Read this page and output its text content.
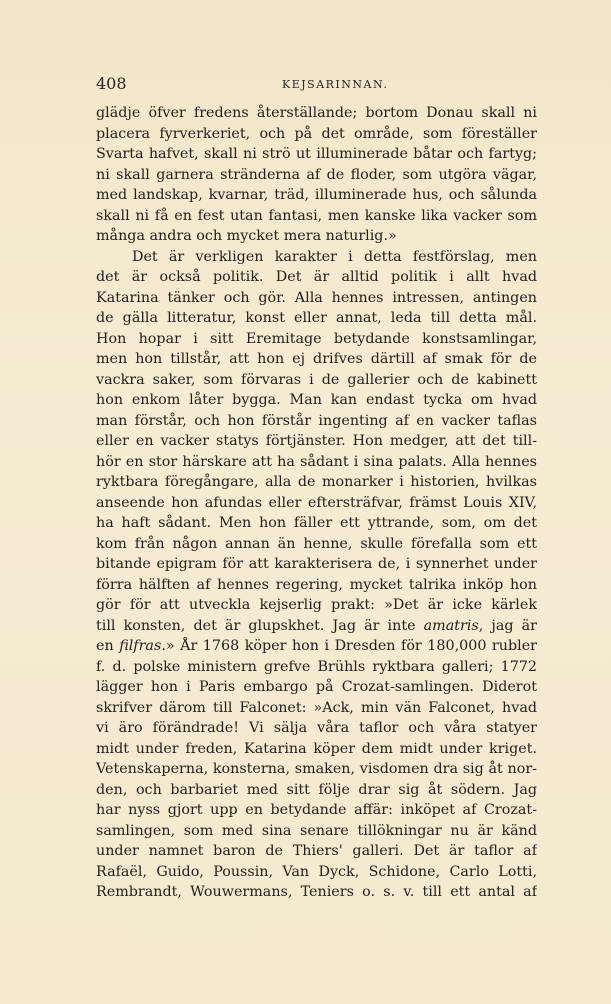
408	KEJSARINNAN.
glädje öfver fredens återställande; bortom Donau skall ni
placera fyrverkeriet, och på det område, som föreställer
Svarta hafvet, skall ni strö ut illuminerade båtar och fartyg;
ni skall garnera stränderna af de floder, som utgöra vägar,
med landskap, kvarnar, träd, illuminerade hus, och sålunda
skall ni få en fest utan fantasi, men kanske lika vacker som
många andra och mycket mera naturlig.»
Det är verkligen karakter i detta festförslag, men
det är också politik. Det är alltid politik i allt hvad
Katarina tänker och gör. Alla hennes intressen, antingen
de gälla litteratur, konst eller annat, leda till detta mål.
Hon hopar i sitt Eremitage betydande konstsamlingar,
men hon tillstår, att hon ej drifves därtill af smak för de
vackra saker, som förvaras i de gallerier och de kabinett
hon enkom låter bygga. Man kan endast tycka om hvad
man förstår, och hon förstår ingenting af en vacker taflas
eller en vacker statys förtjänster. Hon medger, att det till-
hör en stor härskare att ha sådant i sina palats. Alla hennes
ryktbara föregångare, alla de monarker i historien, hvilkas
anseende hon afundas eller eftersträfvar, främst Louis XIV,
ha haft sådant. Men hon fäller ett yttrande, som, om det
kom från någon annan än henne, skulle förefalla som ett
bitande epigram för att karakterisera de, i synnerhet under
förra hälften af hennes regering, mycket talrika inköp hon
gör för att utveckla kejserlig prakt: »Det är icke kärlek
till konsten, det är glupskhet. Jag är inte amatris, jag är
en filfras.» År 1768 köper hon i Dresden för 180,000 rubler
f. d. polske ministern grefve Brühls ryktbara galleri; 1772
lägger hon i Paris embargo på Crozat-samlingen. Diderot
skrifver därom till Falconet: »Ack, min vän Falconet, hvad
vi äro förändrade! Vi sälja våra taflor och våra statyer
midt under freden, Katarina köper dem midt under kriget.
Vetenskaperna, konsterna, smaken, visdomen dra sig åt nor-
den, och barbariet med sitt följe drar sig åt södern. Jag
har nyss gjort upp en betydande affär: inköpet af Crozat-
samlingen, som med sina senare tillökningar nu är känd
under namnet baron de Thiers' galleri. Det är taflor af
Rafaël, Guido, Poussin, Van Dyck, Schidone, Carlo Lotti,
Rembrandt, Wouwermans, Teniers o. s. v. till ett antal af
